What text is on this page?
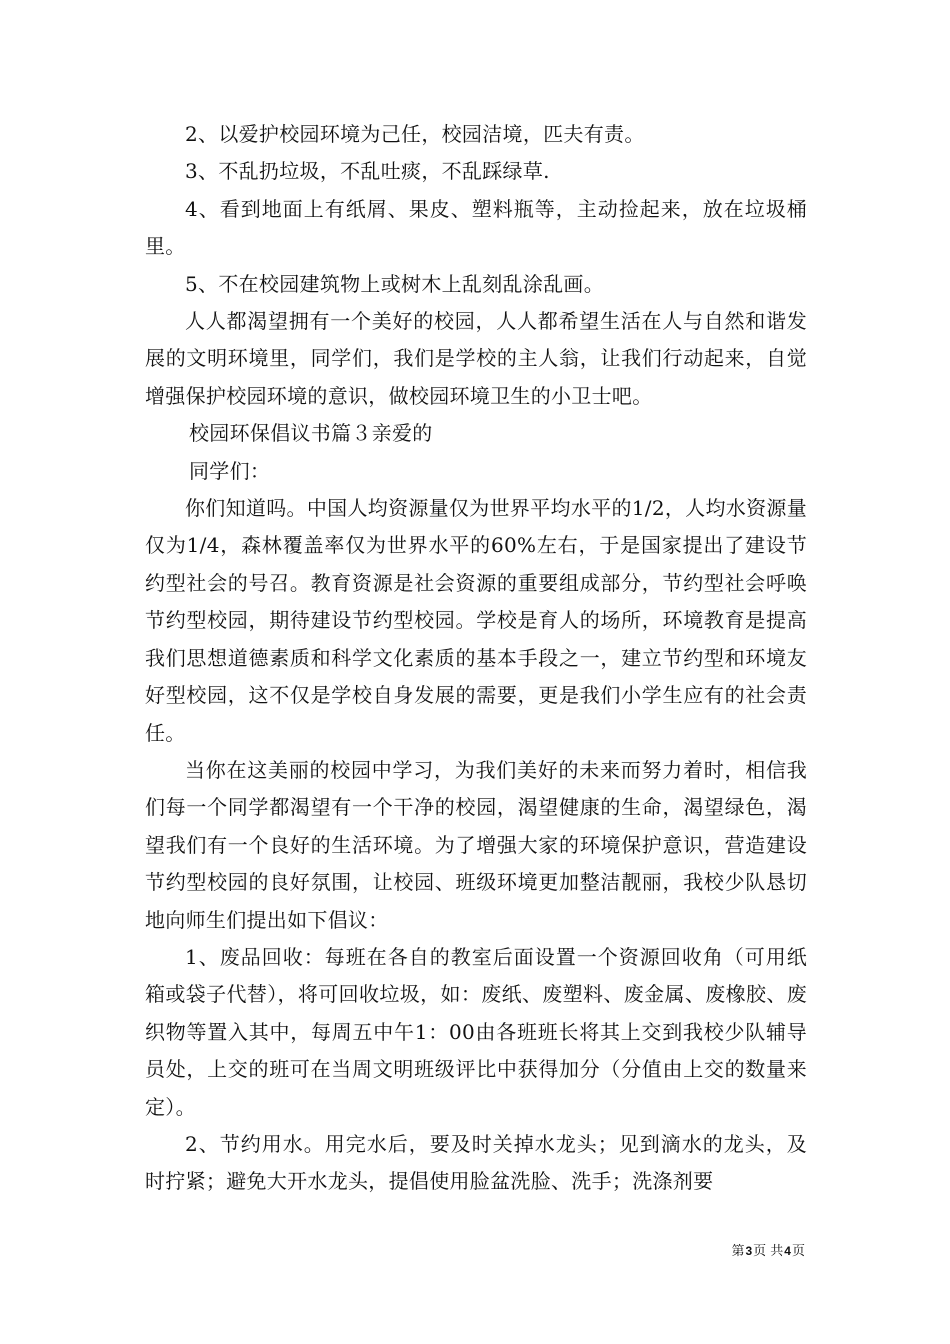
2、以爱护校园环境为己任，校园洁境，匹夫有责。

3、不乱扔垃圾，不乱吐痰，不乱踩绿草.

4、看到地面上有纸屑、果皮、塑料瓶等，主动捡起来，放在垃圾桶里。

5、不在校园建筑物上或树木上乱刻乱涂乱画。

人人都渴望拥有一个美好的校园，人人都希望生活在人与自然和谐发展的文明环境里，同学们，我们是学校的主人翁，让我们行动起来，自觉增强保护校园环境的意识，做校园环境卫生的小卫士吧。

校园环保倡议书篇３亲爱的

同学们：

你们知道吗。中国人均资源量仅为世界平均水平的1/2，人均水资源量仅为1/4，森林覆盖率仅为世界水平的60%左右，于是国家提出了建设节约型社会的号召。教育资源是社会资源的重要组成部分，节约型社会呼唤节约型校园，期待建设节约型校园。学校是育人的场所，环境教育是提高我们思想道德素质和科学文化素质的基本手段之一，建立节约型和环境友好型校园，这不仅是学校自身发展的需要，更是我们小学生应有的社会责任。

当你在这美丽的校园中学习，为我们美好的未来而努力着时，相信我们每一个同学都渴望有一个干净的校园，渴望健康的生命，渴望绿色，渴望我们有一个良好的生活环境。为了增强大家的环境保护意识，营造建设节约型校园的良好氛围，让校园、班级环境更加整洁靓丽，我校少队恳切地向师生们提出如下倡议：

1、废品回收：每班在各自的教室后面设置一个资源回收角（可用纸箱或袋子代替），将可回收垃圾，如：废纸、废塑料、废金属、废橡胶、废织物等置入其中，每周五中午1：00由各班班长将其上交到我校少队辅导员处，上交的班可在当周文明班级评比中获得加分（分值由上交的数量来定）。

2、节约用水。用完水后，要及时关掉水龙头；见到滴水的龙头，及时拧紧；避免大开水龙头，提倡使用脸盆洗脸、洗手；洗涤剂要

第3页 共4页
